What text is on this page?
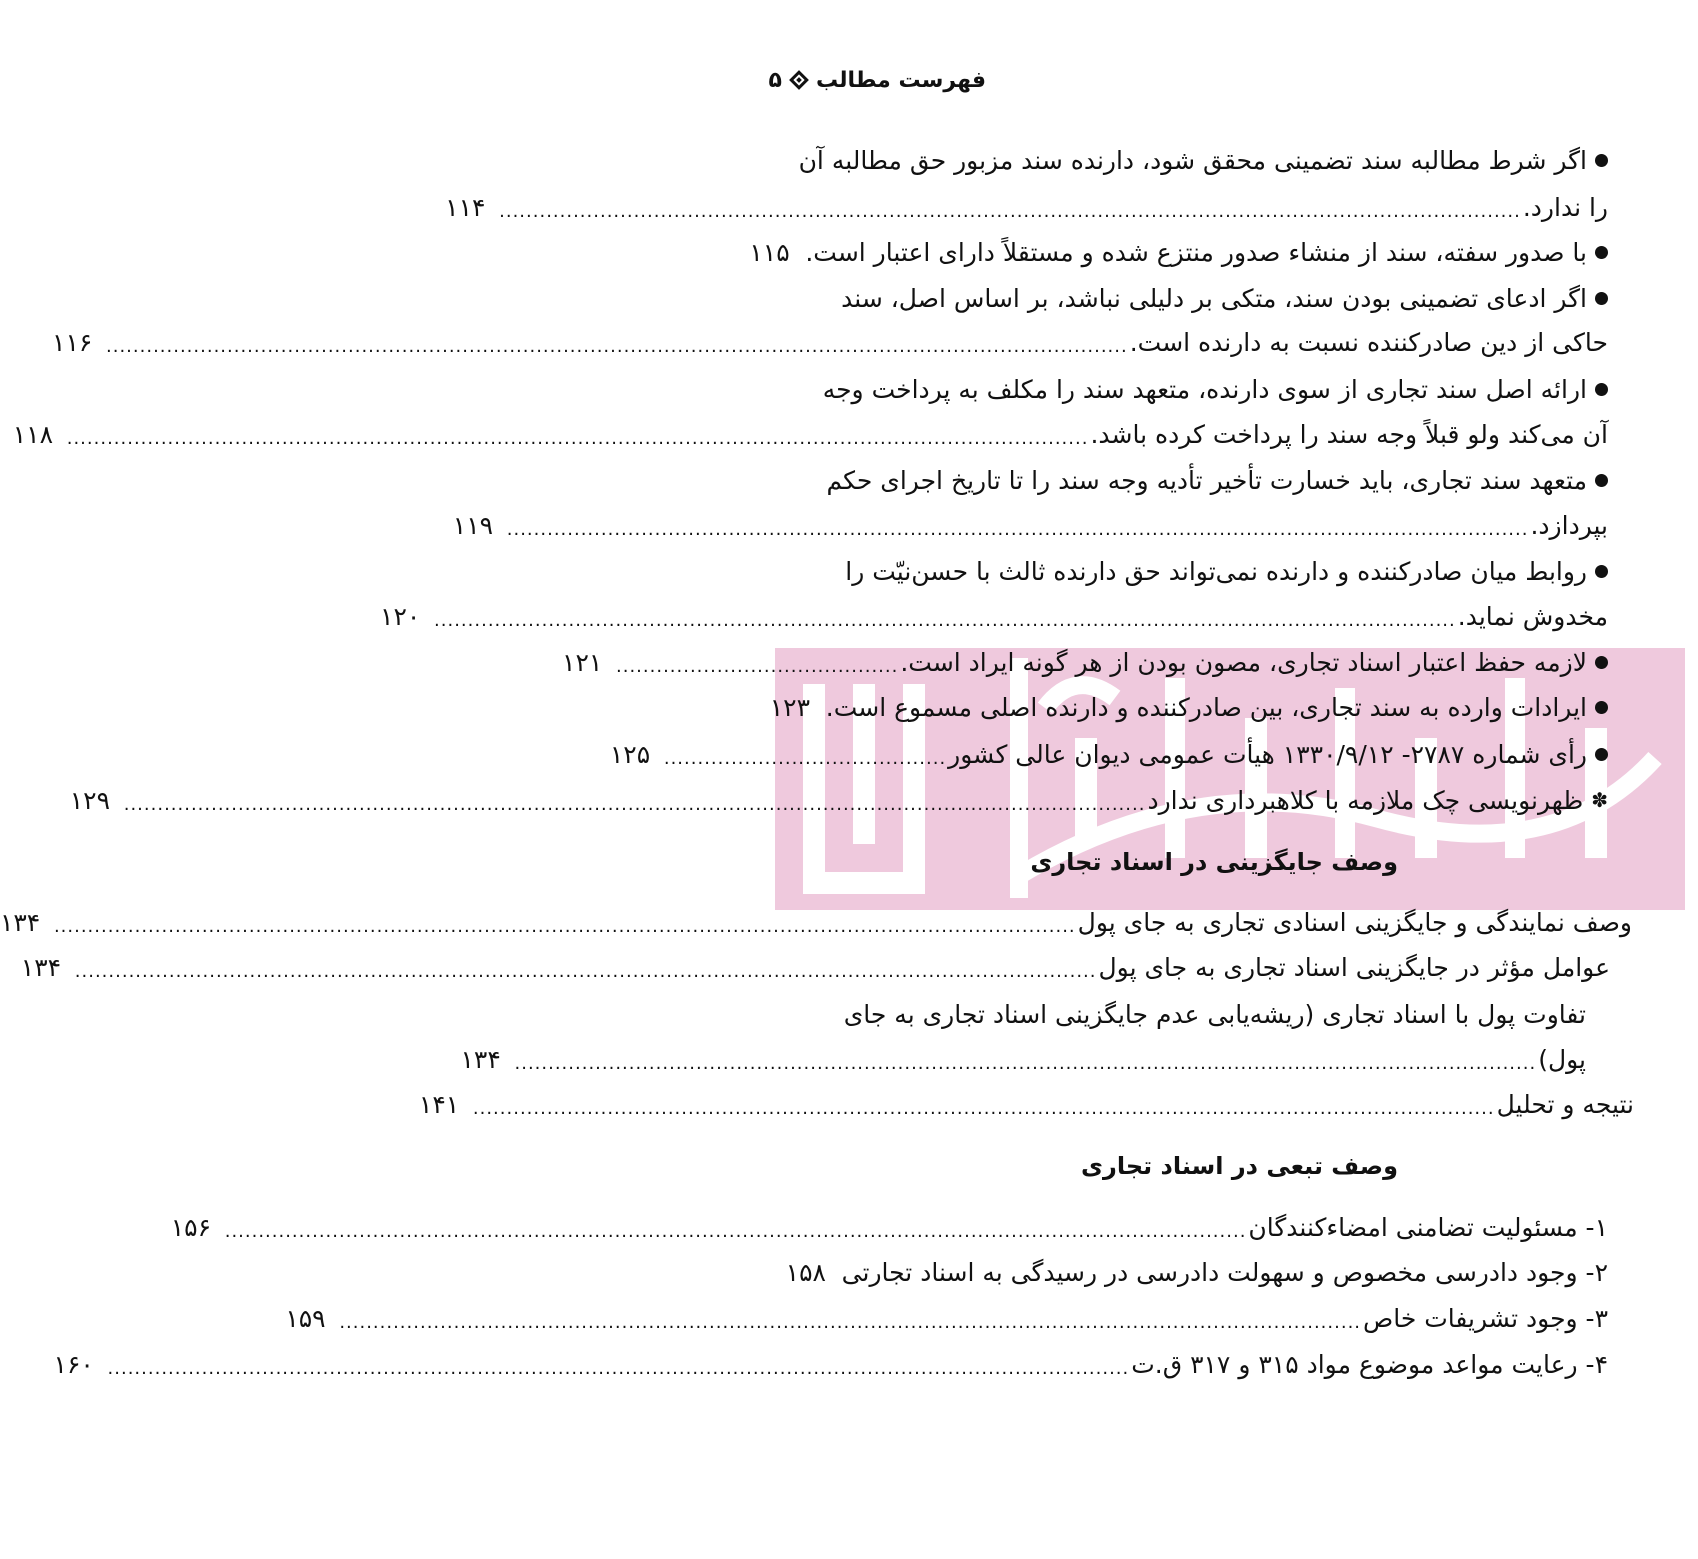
فهرست مطالب
۵
اگر شرط مطالبه سند تضمینی محقق شود، دارنده سند مزبور حق مطالبه آن
را ندارد.
........................................................................................................................................................
۱۱۴
با صدور سفته، سند از منشاء صدور منتزع شده و مستقلاً دارای اعتبار است.
۱۱۵
اگر ادعای تضمینی بودن سند، متکی بر دلیلی نباشد، بر اساس اصل، سند
حاکی از دین صادرکننده نسبت به دارنده است.
........................................................................................................................................................
۱۱۶
ارائه اصل سند تجاری از سوی دارنده، متعهد سند را مکلف به پرداخت وجه
آن می‌کند ولو قبلاً وجه سند را پرداخت کرده باشد.
........................................................................................................................................................
۱۱۸
متعهد سند تجاری، باید خسارت تأخیر تأدیه وجه سند را تا تاریخ اجرای حکم
بپردازد.
........................................................................................................................................................
۱۱۹
روابط میان صادرکننده و دارنده نمی‌تواند حق دارنده ثالث با حسن‌نیّت را
مخدوش نماید.
........................................................................................................................................................
۱۲۰
لازمه حفظ اعتبار اسناد تجاری، مصون بودن از هر گونه ایراد است.
..........................................
۱۲۱
ایرادات وارده به سند تجاری، بین صادرکننده و دارنده اصلی مسموع است.
۱۲۳
رأی شماره ۲۷۸۷- ۱۳۳۰/۹/۱۲ هیأت عمومی دیوان عالی کشور
..........................................
۱۲۵
✽
ظهرنویسی چک ملازمه با کلاهبرداری ندارد
........................................................................................................................................................
۱۲۹
وصف جایگزینی در اسناد تجاری
وصف نمایندگی و جایگزینی اسنادی تجاری به جای پول
........................................................................................................................................................
۱۳۴
عوامل مؤثر در جایگزینی اسناد تجاری به جای پول
........................................................................................................................................................
۱۳۴
تفاوت پول با اسناد تجاری (ریشه‌یابی عدم جایگزینی اسناد تجاری به جای
پول)
........................................................................................................................................................
۱۳۴
نتیجه و تحلیل
........................................................................................................................................................
۱۴۱
وصف تبعی در اسناد تجاری
۱- مسئولیت تضامنی امضاءکنندگان
........................................................................................................................................................
۱۵۶
۲- وجود دادرسی مخصوص و سهولت دادرسی در رسیدگی به اسناد تجارتی
۱۵۸
۳- وجود تشریفات خاص
........................................................................................................................................................
۱۵۹
۴- رعایت مواعد موضوع مواد ۳۱۵ و ۳۱۷ ق.ت
........................................................................................................................................................
۱۶۰
